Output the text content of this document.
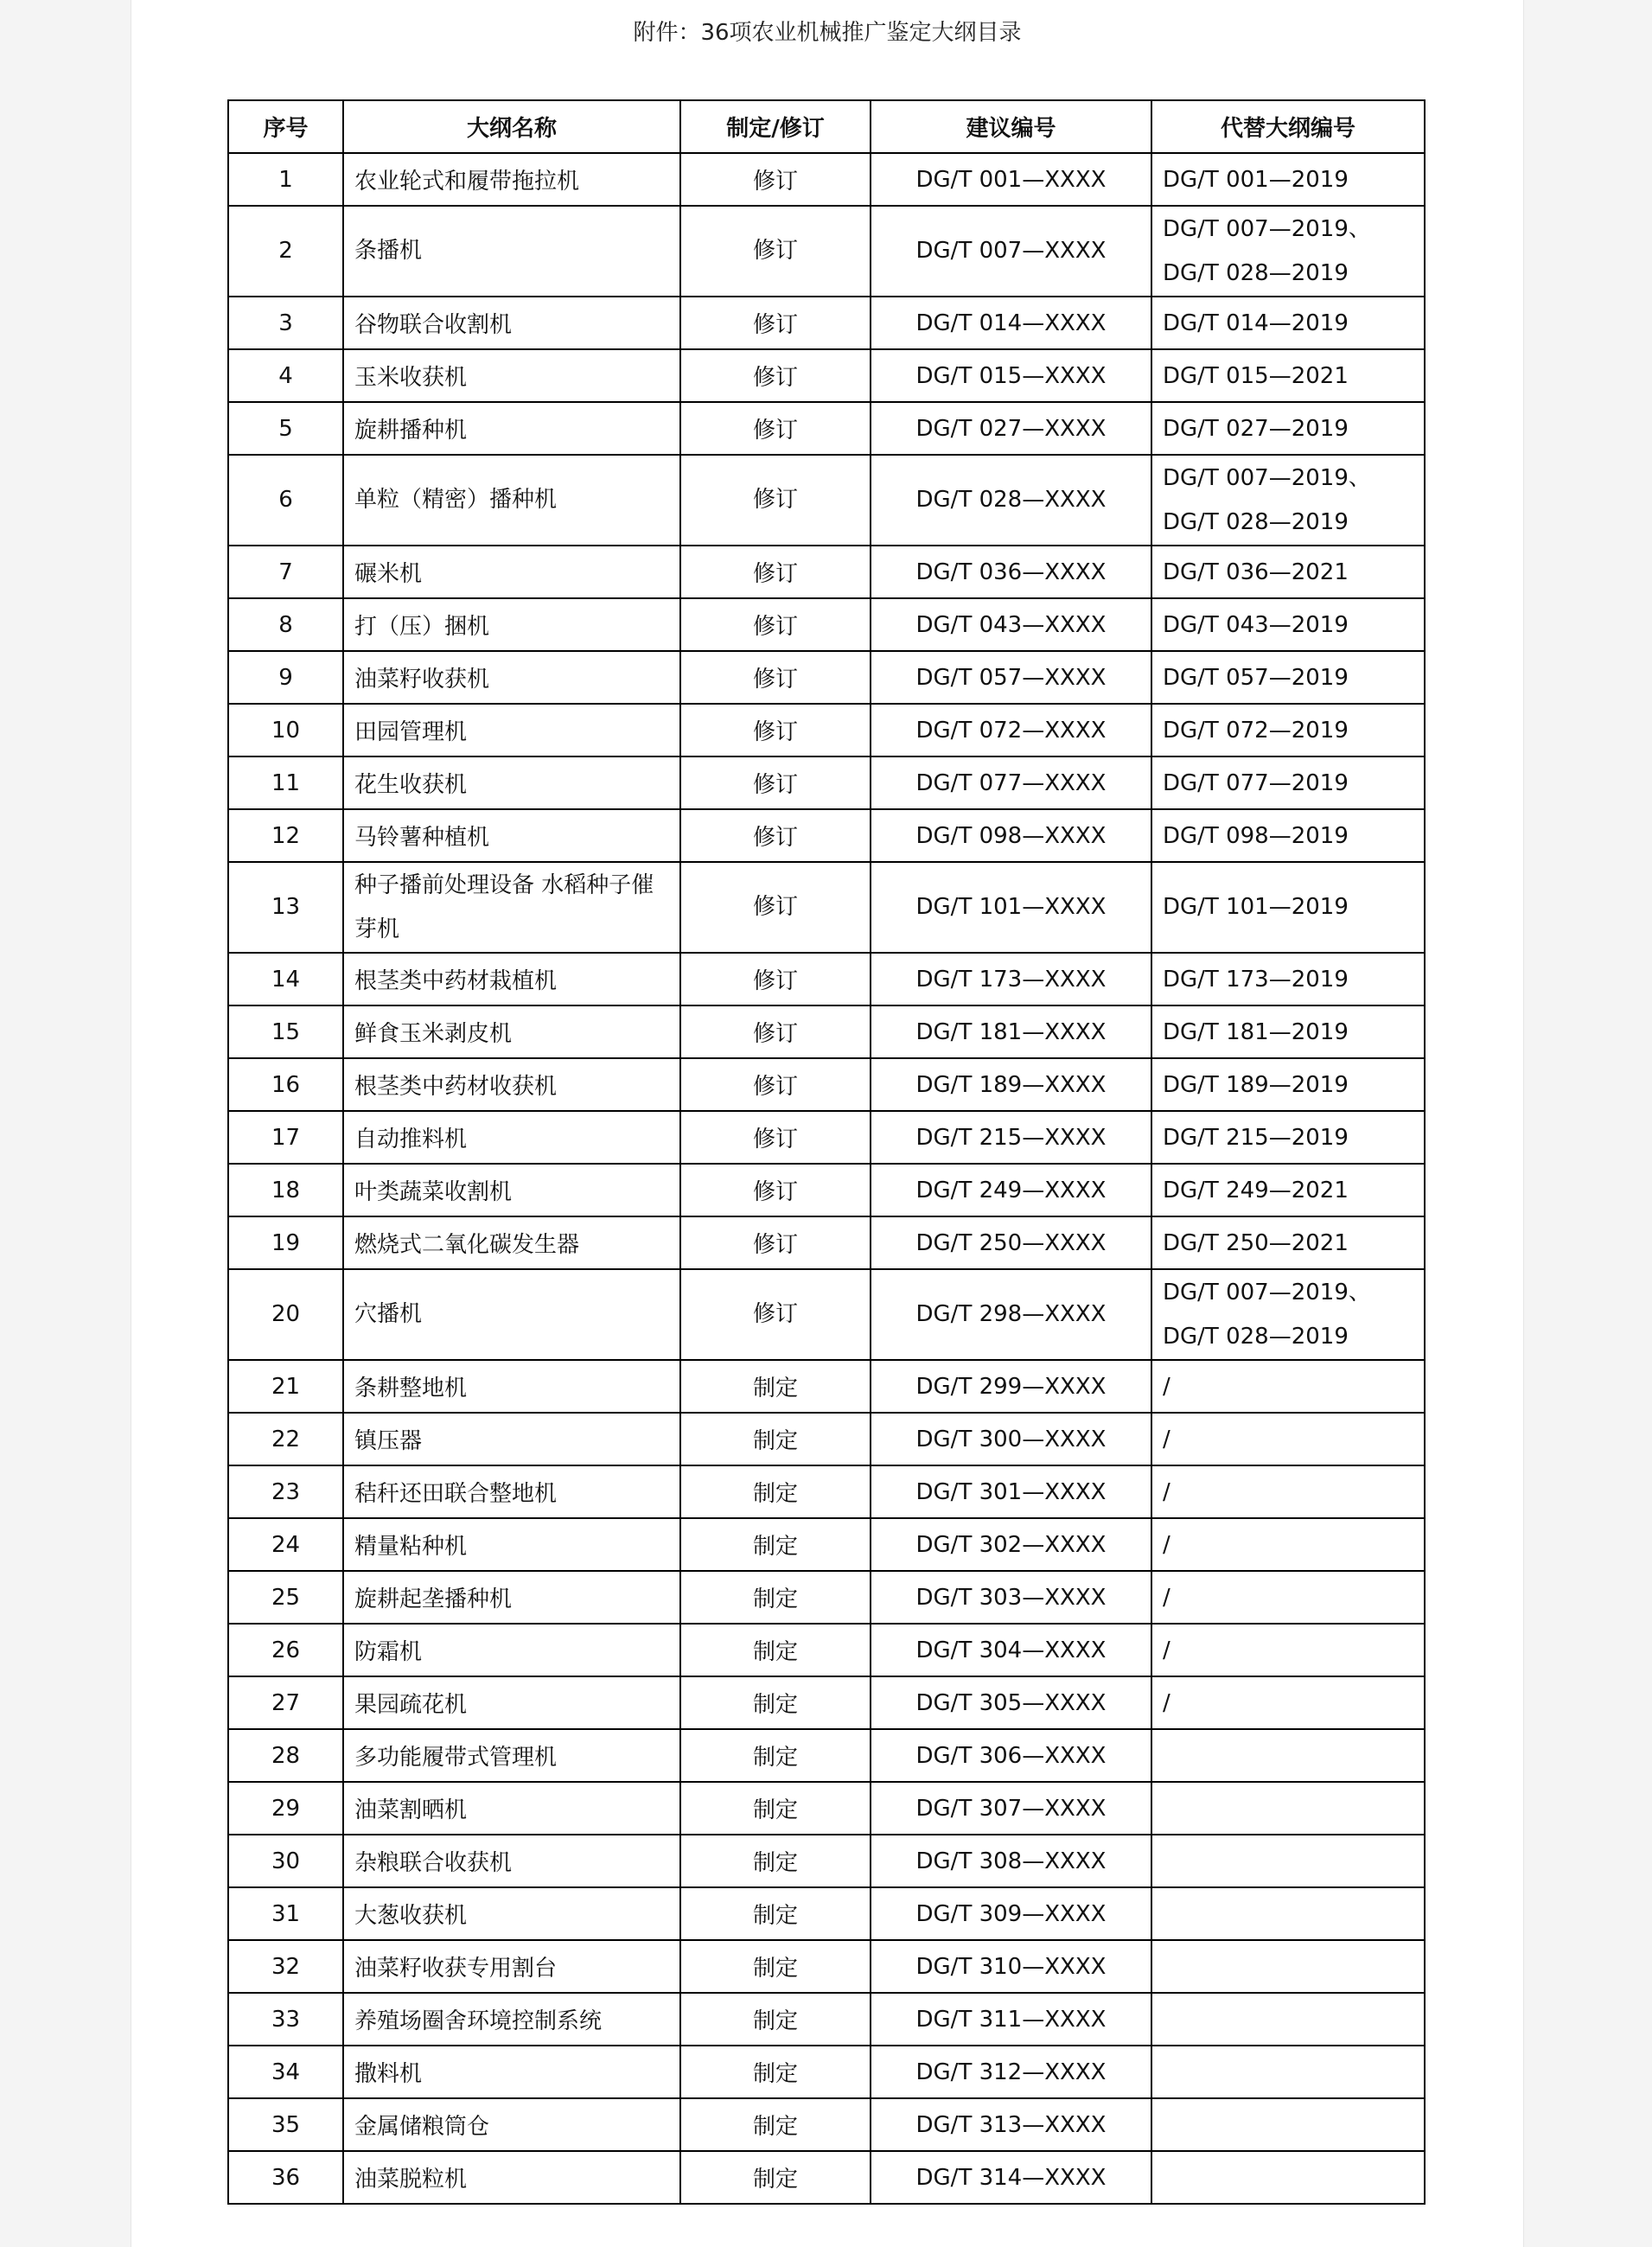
附件：36项农业机械推广鉴定大纲目录
序号	大纲名称	制定/修订	建议编号	代替大纲编号
1	农业轮式和履带拖拉机	修订	DG/T 001—XXXX	DG/T 001—2019

2	条播机	修订	DG/T 007—XXXX	DG/T 007—2019、
DG/T 028—2019

3	谷物联合收割机	修订	DG/T 014—XXXX	DG/T 014—2019

4	玉米收获机	修订	DG/T 015—XXXX	DG/T 015—2021

5	旋耕播种机	修订	DG/T 027—XXXX	DG/T 027—2019

6	单粒（精密）播种机	修订	DG/T 028—XXXX	DG/T 007—2019、
DG/T 028—2019

7	碾米机	修订	DG/T 036—XXXX	DG/T 036—2021

8	打（压）捆机	修订	DG/T 043—XXXX	DG/T 043—2019

9	油菜籽收获机	修订	DG/T 057—XXXX	DG/T 057—2019

10	田园管理机	修订	DG/T 072—XXXX	DG/T 072—2019

11	花生收获机	修订	DG/T 077—XXXX	DG/T 077—2019

12	马铃薯种植机	修订	DG/T 098—XXXX	DG/T 098—2019

13	种子播前处理设备 水稻种子催芽机	修订	DG/T 101—XXXX	DG/T 101—2019

14	根茎类中药材栽植机	修订	DG/T 173—XXXX	DG/T 173—2019

15	鲜食玉米剥皮机	修订	DG/T 181—XXXX	DG/T 181—2019

16	根茎类中药材收获机	修订	DG/T 189—XXXX	DG/T 189—2019

17	自动推料机	修订	DG/T 215—XXXX	DG/T 215—2019

18	叶类蔬菜收割机	修订	DG/T 249—XXXX	DG/T 249—2021

19	燃烧式二氧化碳发生器	修订	DG/T 250—XXXX	DG/T 250—2021

20	穴播机	修订	DG/T 298—XXXX	DG/T 007—2019、
DG/T 028—2019

21	条耕整地机	制定	DG/T 299—XXXX	/

22	镇压器	制定	DG/T 300—XXXX	/

23	秸秆还田联合整地机	制定	DG/T 301—XXXX	/

24	精量粘种机	制定	DG/T 302—XXXX	/

25	旋耕起垄播种机	制定	DG/T 303—XXXX	/

26	防霜机	制定	DG/T 304—XXXX	/

27	果园疏花机	制定	DG/T 305—XXXX	/

28	多功能履带式管理机	制定	DG/T 306—XXXX	
29	油菜割晒机	制定	DG/T 307—XXXX	
30	杂粮联合收获机	制定	DG/T 308—XXXX	
31	大葱收获机	制定	DG/T 309—XXXX	
32	油菜籽收获专用割台	制定	DG/T 310—XXXX	
33	养殖场圈舍环境控制系统	制定	DG/T 311—XXXX	
34	撒料机	制定	DG/T 312—XXXX	
35	金属储粮筒仓	制定	DG/T 313—XXXX	
36	油菜脱粒机	制定	DG/T 314—XXXX	
